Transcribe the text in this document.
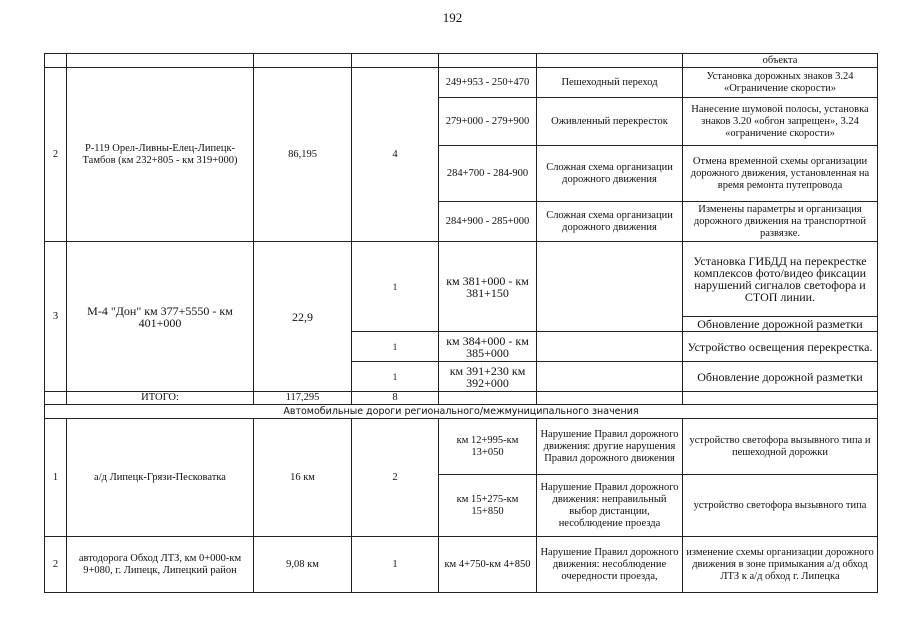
192
						объекта
2	Р-119 Орел-Ливны-Елец-Липецк-Тамбов (км 232+805 - км 319+000)	86,195	4	249+953 - 250+470	Пешеходный переход	Установка дорожных знаков 3.24 «Ограничение скорости»
				279+000 - 279+900	Оживленный перекресток	Нанесение шумовой полосы, установка знаков 3.20 «обгон запрещен», 3.24 «ограничение скорости»
				284+700 - 284-900	Сложная схема организации дорожного движения	Отмена временной схемы организации дорожного движения, установленная на время ремонта путепровода
				284+900 - 285+000	Сложная схема организации дорожного движения	Изменены параметры и организация дорожного движения на транспортной развязке.
3	М-4 "Дон" км 377+5550 - км 401+000	22,9	1	км 381+000 - км 381+150		Установка ГИБДД на перекрестке комплексов фото/видео фиксации нарушений сигналов светофора и СТОП линии.
						Обновление дорожной разметки
			1	км 384+000 - км 385+000		Устройство освещения перекрестка.
			1	км 391+230 км 392+000		Обновление дорожной разметки

	ИТОГО:	117,295	8			
Автомобильные дороги регионального/межмуниципального значения						
1	а/д Липецк-Грязи-Песковатка	16 км	2	км 12+995-км 13+050	Нарушение Правил дорожного движения: другие нарушения Правил дорожного движения	устройство светофора вызывного типа и пешеходной дорожки
				км 15+275-км 15+850	Нарушение Правил дорожного движения: неправильный выбор дистанции, несоблюдение проезда	устройство светофора вызывного типа
2	автодорога Обход ЛТЗ, км 0+000-км 9+080, г. Липецк, Липецкий район	9,08 км	1	км 4+750-км 4+850	Нарушение Правил дорожного движения: несоблюдение очередности проезда,	изменение схемы организации дорожного движения в зоне примыкания а/д обход ЛТЗ к а/д обход г. Липецка
